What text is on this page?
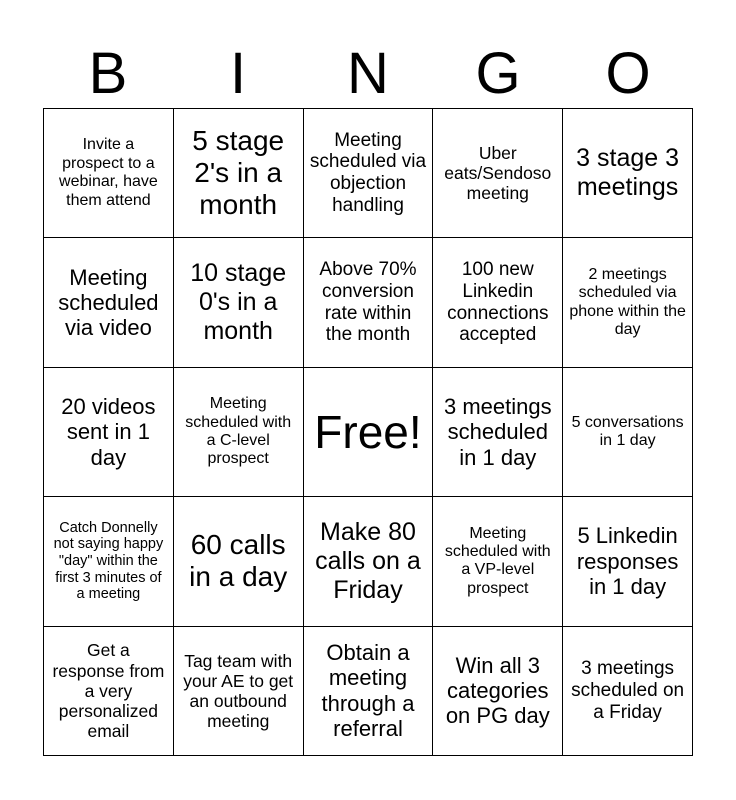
B	I	N	G	O
Invite a prospect to a webinar, have them attend
5 stage 2's in a month
Meeting scheduled via objection handling
Uber eats/Sendoso meeting
3 stage 3 meetings
Meeting scheduled via video
10 stage 0's in a month
Above 70% conversion rate within the month
100 new Linkedin connections accepted
2 meetings scheduled via phone within the day
20 videos sent in 1 day
Meeting scheduled with a C-level prospect
Free! 3 meetings scheduled in 1 day
5 conversations in 1 day
Catch Donnelly not saying happy "day" within the first 3 minutes of a meeting
60 calls in a day
Make 80 calls on a Friday
Meeting scheduled with a VP-level prospect
5 Linkedin responses in 1 day
Get a response from a very personalized email
Tag team with your AE to get an outbound meeting
Obtain a meeting through a referral
Win all 3 categories on PG day
3 meetings scheduled on a Friday
